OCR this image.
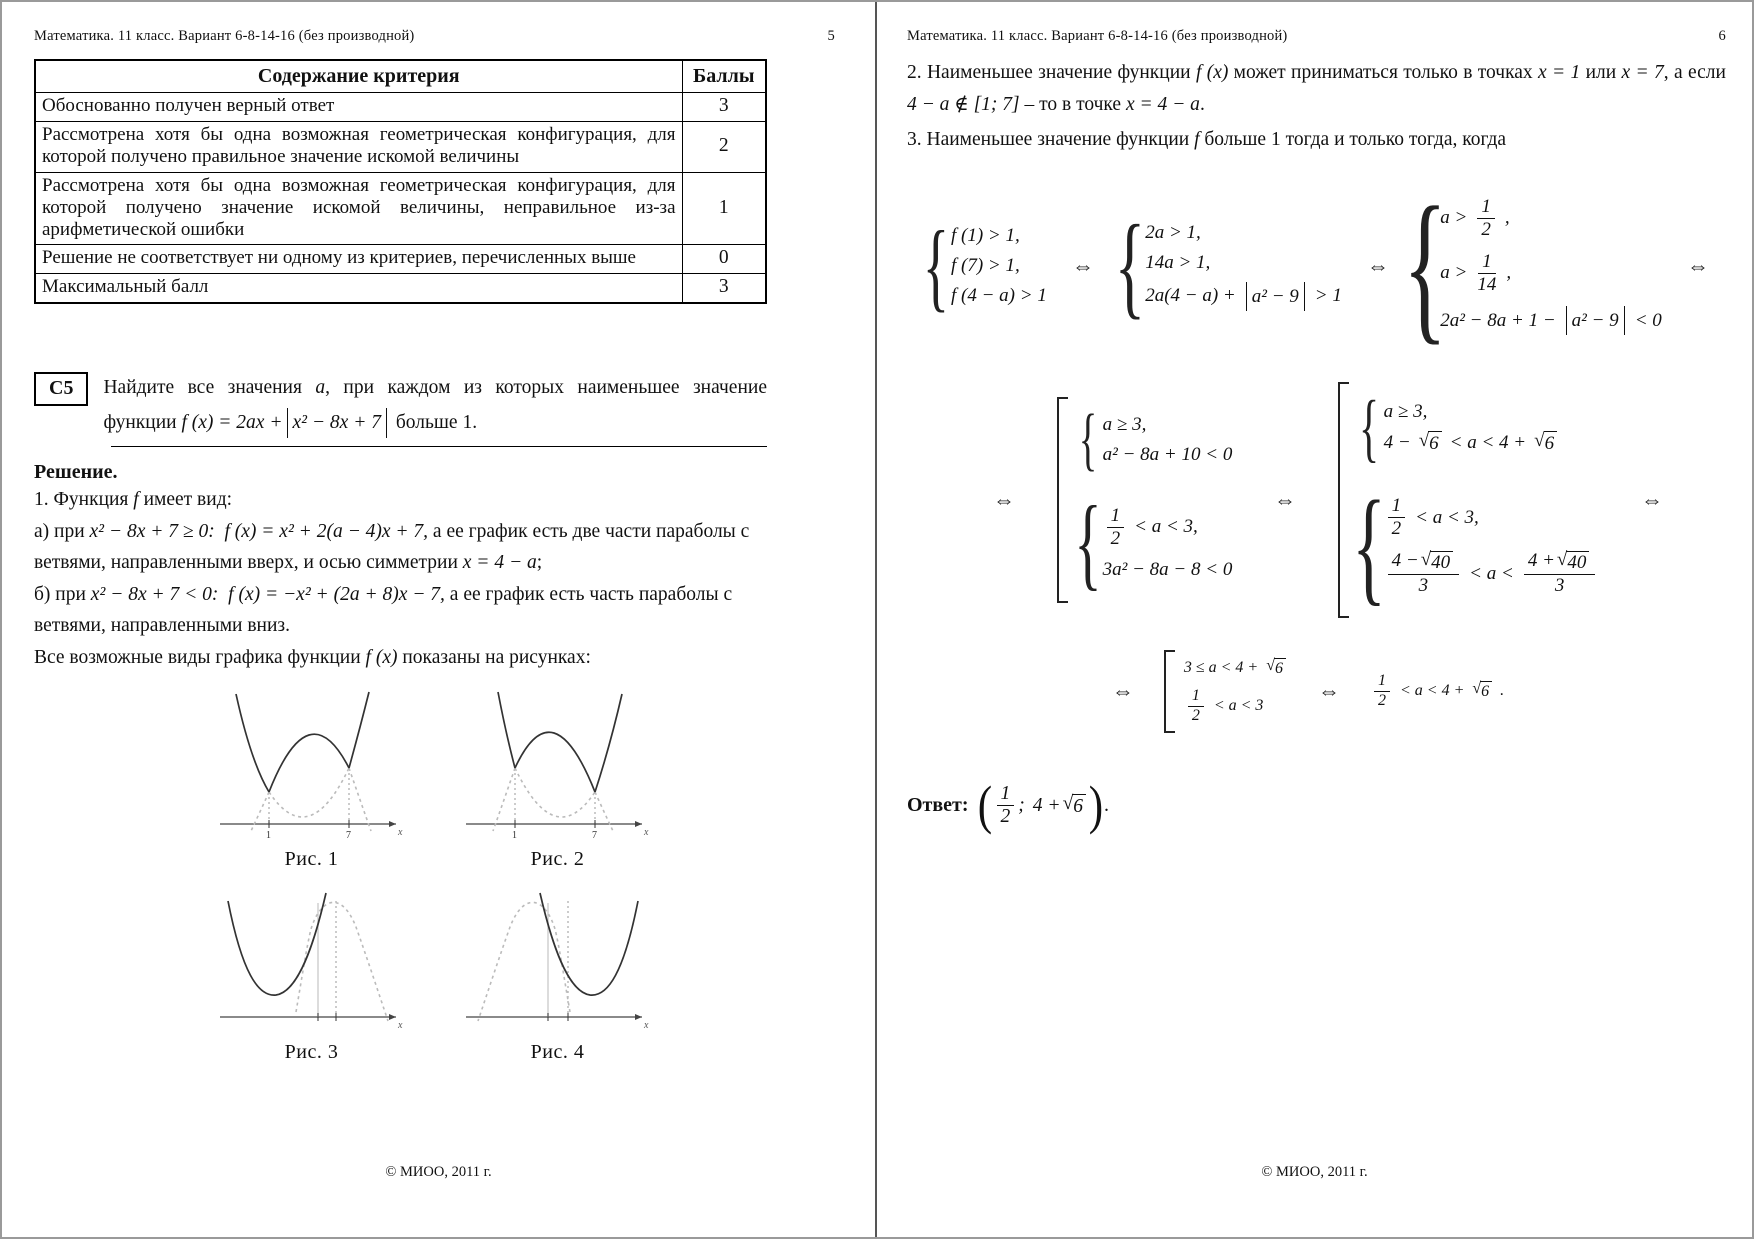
Математика. 11 класс. Вариант 6-8-14-16 (без производной)	5
Содержание критерия	Баллы
Обоснованно получен верный ответ	3
Рассмотрена хотя бы одна возможная геометрическая конфигурация, для которой получено правильное значение искомой величины	2
Рассмотрена хотя бы одна возможная геометрическая конфигурация, для которой получено значение искомой величины, неправильное из-за арифметической ошибки	1
Решение не соответствует ни одному из критериев, перечисленных выше	0
Максимальный балл	3
С5	Найдите все значения a, при каждом из которых наименьшее значение функции f (x) = 2ax + x² − 8x + 7 больше 1.
Решение.

1. Функция f имеет вид:

а) при x² − 8x + 7 ≥ 0:  f (x) = x² + 2(a − 4)x + 7, а ее график есть две части параболы с ветвями, направленными вверх, и осью симметрии x = 4 − a;

б) при x² − 8x + 7 < 0:  f (x) = −x² + (2a + 8)x − 7, а ее график есть часть параболы с ветвями, направленными вниз.

Все возможные виды графика функции f (x) показаны на рисунках:

1	7	x
Рис. 1
1	7	x
Рис. 2
x
Рис. 3
x
Рис. 4
© МИОО, 2011 г.
Математика. 11 класс. Вариант 6-8-14-16 (без производной)	6

2. Наименьшее значение функции f (x) может приниматься только в точках x = 1 или x = 7, а если 4 − a ∉ [1; 7] – то в точке x = 4 − a.

3. Наименьшее значение функции f больше 1 тогда и только тогда, когда

{ f (1) > 1,
f (7) > 1,
f (4 − a) > 1
⇔ { 2a > 1,
14a > 1,
2a(4 − a) + a² − 9 > 1
⇔ {
$a > \frac{1}{2}$ ,
$a > \frac{1}{14}$ ,
2a² − 8a + 1 − a² − 9 < 0
⇔
⇔
{ a ≥ 3,
a² − 8a + 10 < 0
{ $\frac{1}{2} < a < 3$,
3a² − 8a − 8 < 0
⇔
{ a ≥ 3,
4 − √ 6 < a < 4 + √ 6
{ $\frac{1}{2} < a < 3$,
$\frac{4 - √ 40}{3} < a < \frac{4 + √ 40}{3}$
⇔
⇔
3 ≤ a < 4 + √ 6
$\frac{1}{2} < a < 3$
⇔ $\frac{1}{2} < a < 4$ + √ 6 .
Ответ: ( $\frac{1}{2}$ ; 4 + √ 6 ) .
© МИОО, 2011 г.
